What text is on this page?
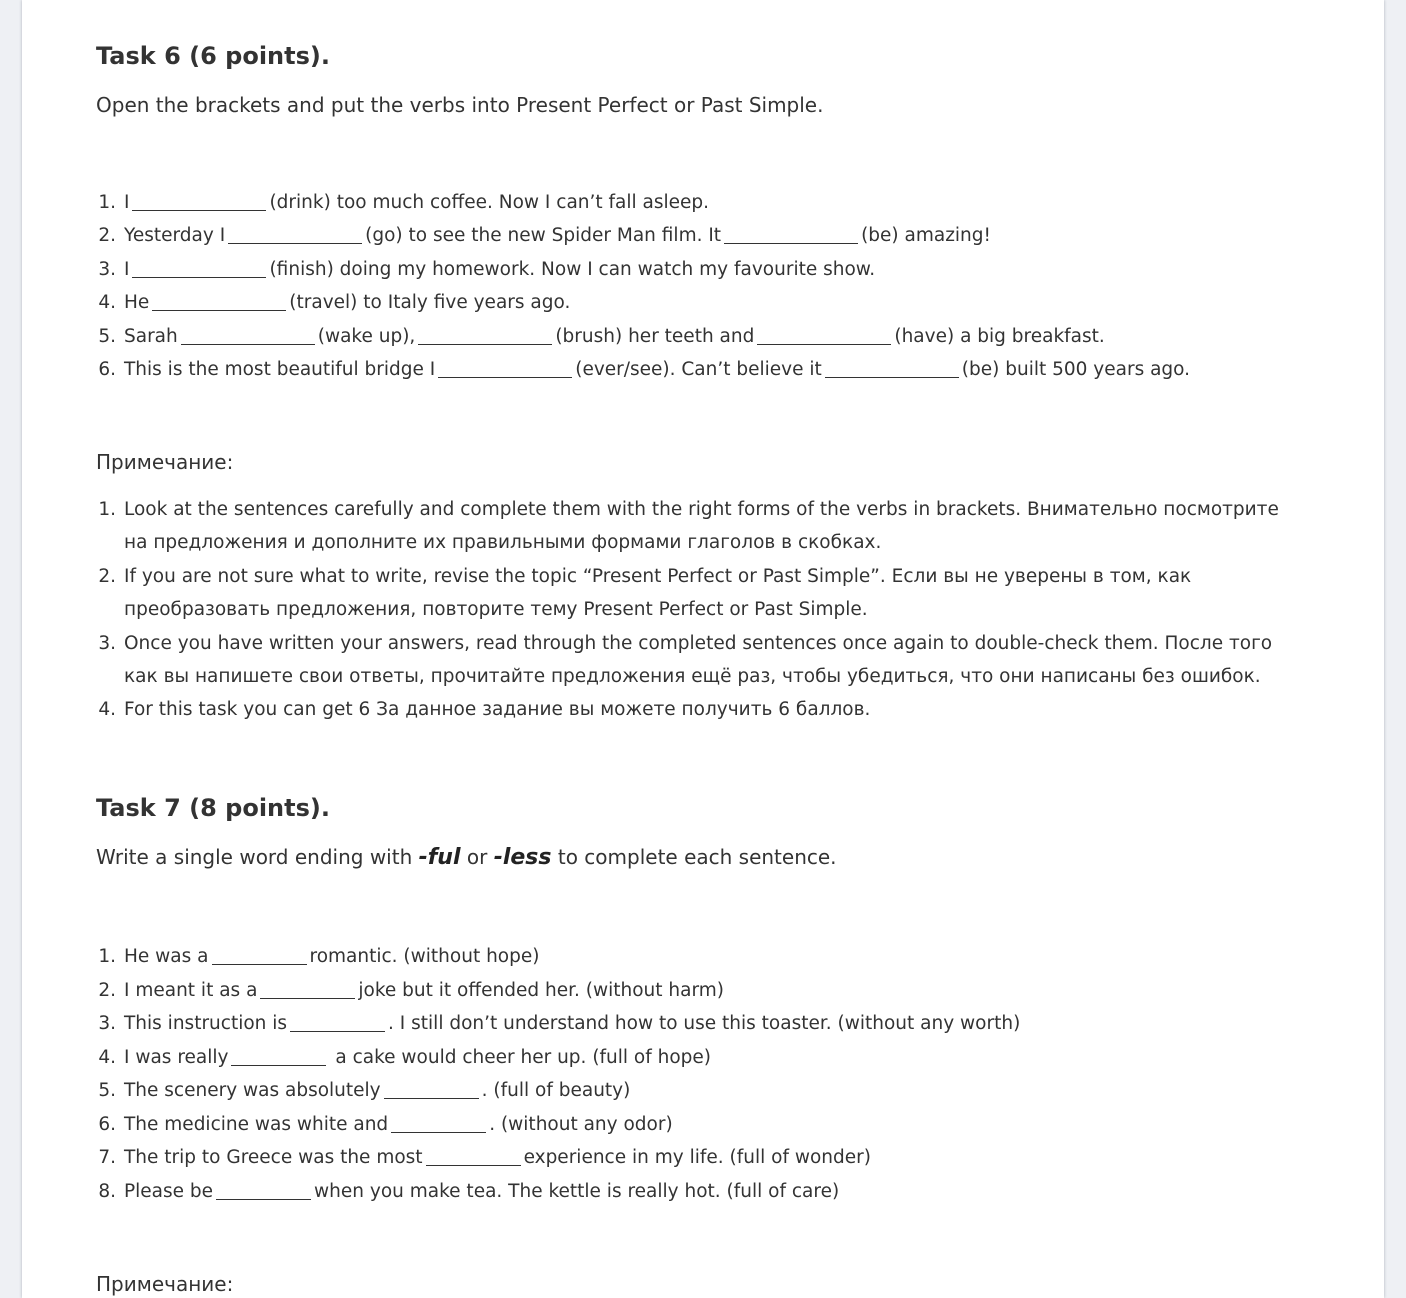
Task 6 (6 points).

Open the brackets and put the verbs into Present Perfect or Past Simple.

1. I	(drink) too much coffee. Now I can’t fall asleep.
2. Yesterday I	(go) to see the new Spider Man film. It	(be) amazing!
3. I	(finish) doing my homework. Now I can watch my favourite show.
4. He	(travel) to Italy five years ago.
5. Sarah	(wake up),	(brush) her teeth and	(have) a big breakfast.
6. This is the most beautiful bridge I	(ever/see). Can’t believe it	(be) built 500 years ago.

Примечание:

1. Look at the sentences carefully and complete them with the right forms of the verbs in brackets. Внимательно посмотрите на предложения и дополните их правильными формами глаголов в скобках.
2. If you are not sure what to write, revise the topic “Present Perfect or Past Simple”. Если вы не уверены в том, как преобразовать предложения, повторите тему Present Perfect or Past Simple.
3. Once you have written your answers, read through the completed sentences once again to double-check them. После того как вы напишете свои ответы, прочитайте предложения ещё раз, чтобы убедиться, что они написаны без ошибок.
4. For this task you can get 6 За данное задание вы можете получить 6 баллов.
Task 7 (8 points).

Write a single word ending with -ful or -less to complete each sentence.

1. He was a	romantic. (without hope)
2. I meant it as a	joke but it offended her. (without harm)
3. This instruction is	. I still don’t understand how to use this toaster. (without any worth)
4. I was really	a cake would cheer her up. (full of hope)
5. The scenery was absolutely	. (full of beauty)
6. The medicine was white and	. (without any odor)
7. The trip to Greece was the most	experience in my life. (full of wonder)
8. Please be	when you make tea. The kettle is really hot. (full of care)

Примечание:
